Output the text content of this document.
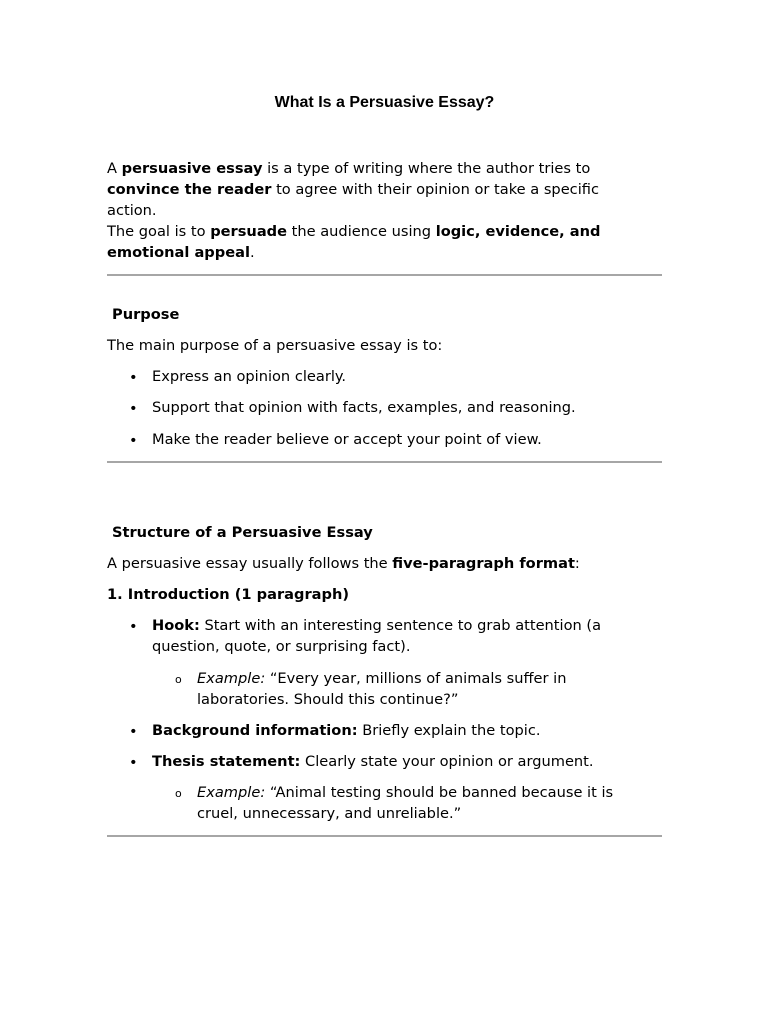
What Is a Persuasive Essay?
A persuasive essay is a type of writing where the author tries to convince the reader to agree with their opinion or take a specific action.
The goal is to persuade the audience using logic, evidence, and emotional appeal.
Purpose
The main purpose of a persuasive essay is to:
• Express an opinion clearly.
• Support that opinion with facts, examples, and reasoning.
• Make the reader believe or accept your point of view.
Structure of a Persuasive Essay
A persuasive essay usually follows the five-paragraph format:
1. Introduction (1 paragraph)
• Hook: Start with an interesting sentence to grab attention (a question, quote, or surprising fact).
o Example: “Every year, millions of animals suffer in laboratories. Should this continue?”
• Background information: Briefly explain the topic.
• Thesis statement: Clearly state your opinion or argument.
o Example: “Animal testing should be banned because it is cruel, unnecessary, and unreliable.”
